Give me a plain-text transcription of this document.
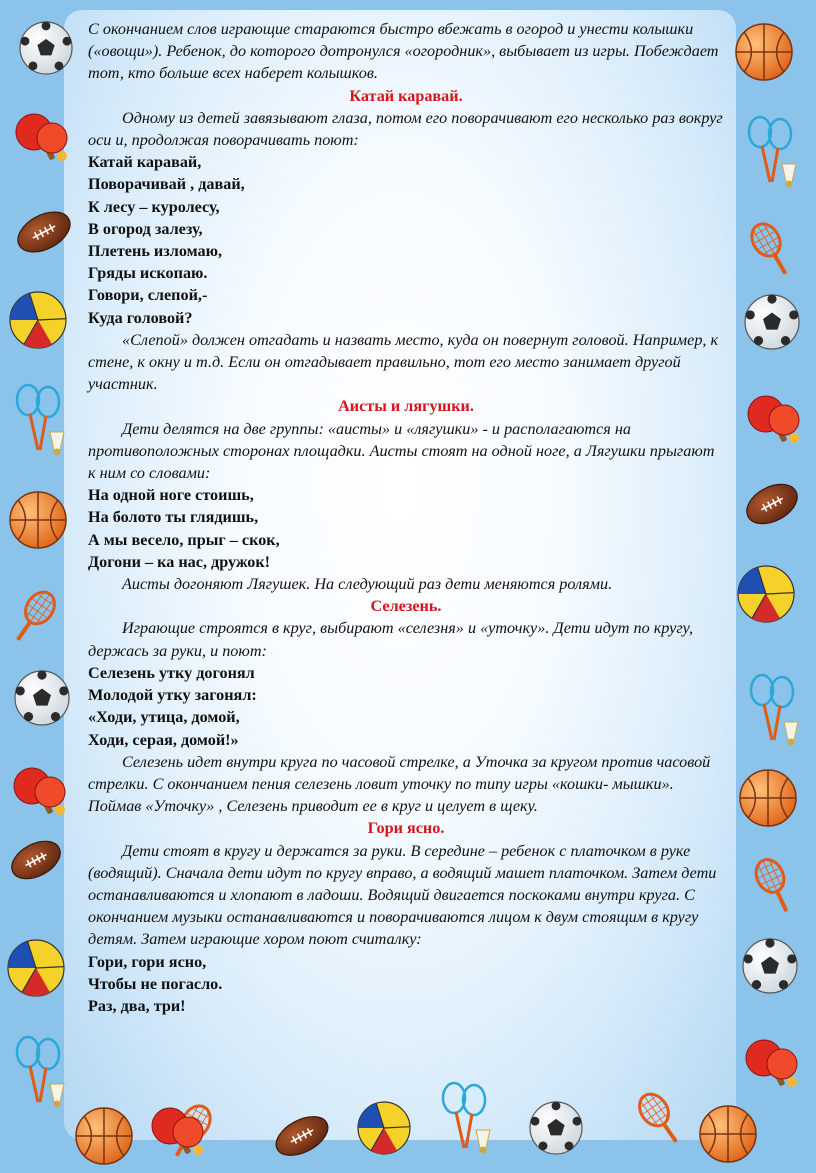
С окончанием слов играющие стараются быстро вбежать в огород и унести колышки («овощи»). Ребенок, до которого дотронулся «огородник», выбывает из игры. Побеждает тот, кто больше всех наберет колышков.

Катай каравай.

Одному из детей завязывают глаза, потом его поворачивают его несколько раз вокруг оси и, продолжая поворачивать поют:

Катай каравай,

Поворачивай , давай,

К лесу – куролесу,

В огород залезу,

Плетень изломаю,

Гряды ископаю.

Говори, слепой,-

Куда головой?

«Слепой» должен отгадать и назвать место, куда он повернут головой. Например, к стене, к окну и т.д. Если он отгадывает правильно, тот его место занимает другой участник.

Аисты и лягушки.

Дети делятся на две группы: «аисты» и «лягушки» - и располагаются на противоположных сторонах площадки. Аисты стоят на одной ноге, а Лягушки прыгают к ним со словами:

На одной ноге стоишь,

На болото ты глядишь,

А мы весело, прыг – скок,

Догони – ка нас, дружок!

Аисты догоняют Лягушек. На следующий раз дети меняются ролями.

Селезень.

Играющие строятся в круг, выбирают «селезня» и «уточку». Дети идут по кругу, держась за руки, и поют:

Селезень утку догонял

Молодой утку загонял:

«Ходи, утица, домой,

Ходи, серая, домой!»

Селезень идет внутри круга по часовой стрелке, а Уточка за кругом против часовой стрелки. С окончанием пения селезень ловит уточку по типу игры «кошки- мышки». Поймав «Уточку» , Селезень приводит ее в круг и целует в щеку.

Гори ясно.

Дети стоят в кругу и держатся за руки. В середине – ребенок с платочком в руке (водящий). Сначала дети идут по кругу вправо, а водящий машет платочком. Затем дети останавливаются и хлопают в ладоши. Водящий двигается поскоками внутри круга. С окончанием музыки останавливаются и поворачиваются лицом к двум стоящим в кругу детям. Затем играющие хором поют считалку:

Гори, гори ясно,

Чтобы не погасло.

Раз, два, три!
